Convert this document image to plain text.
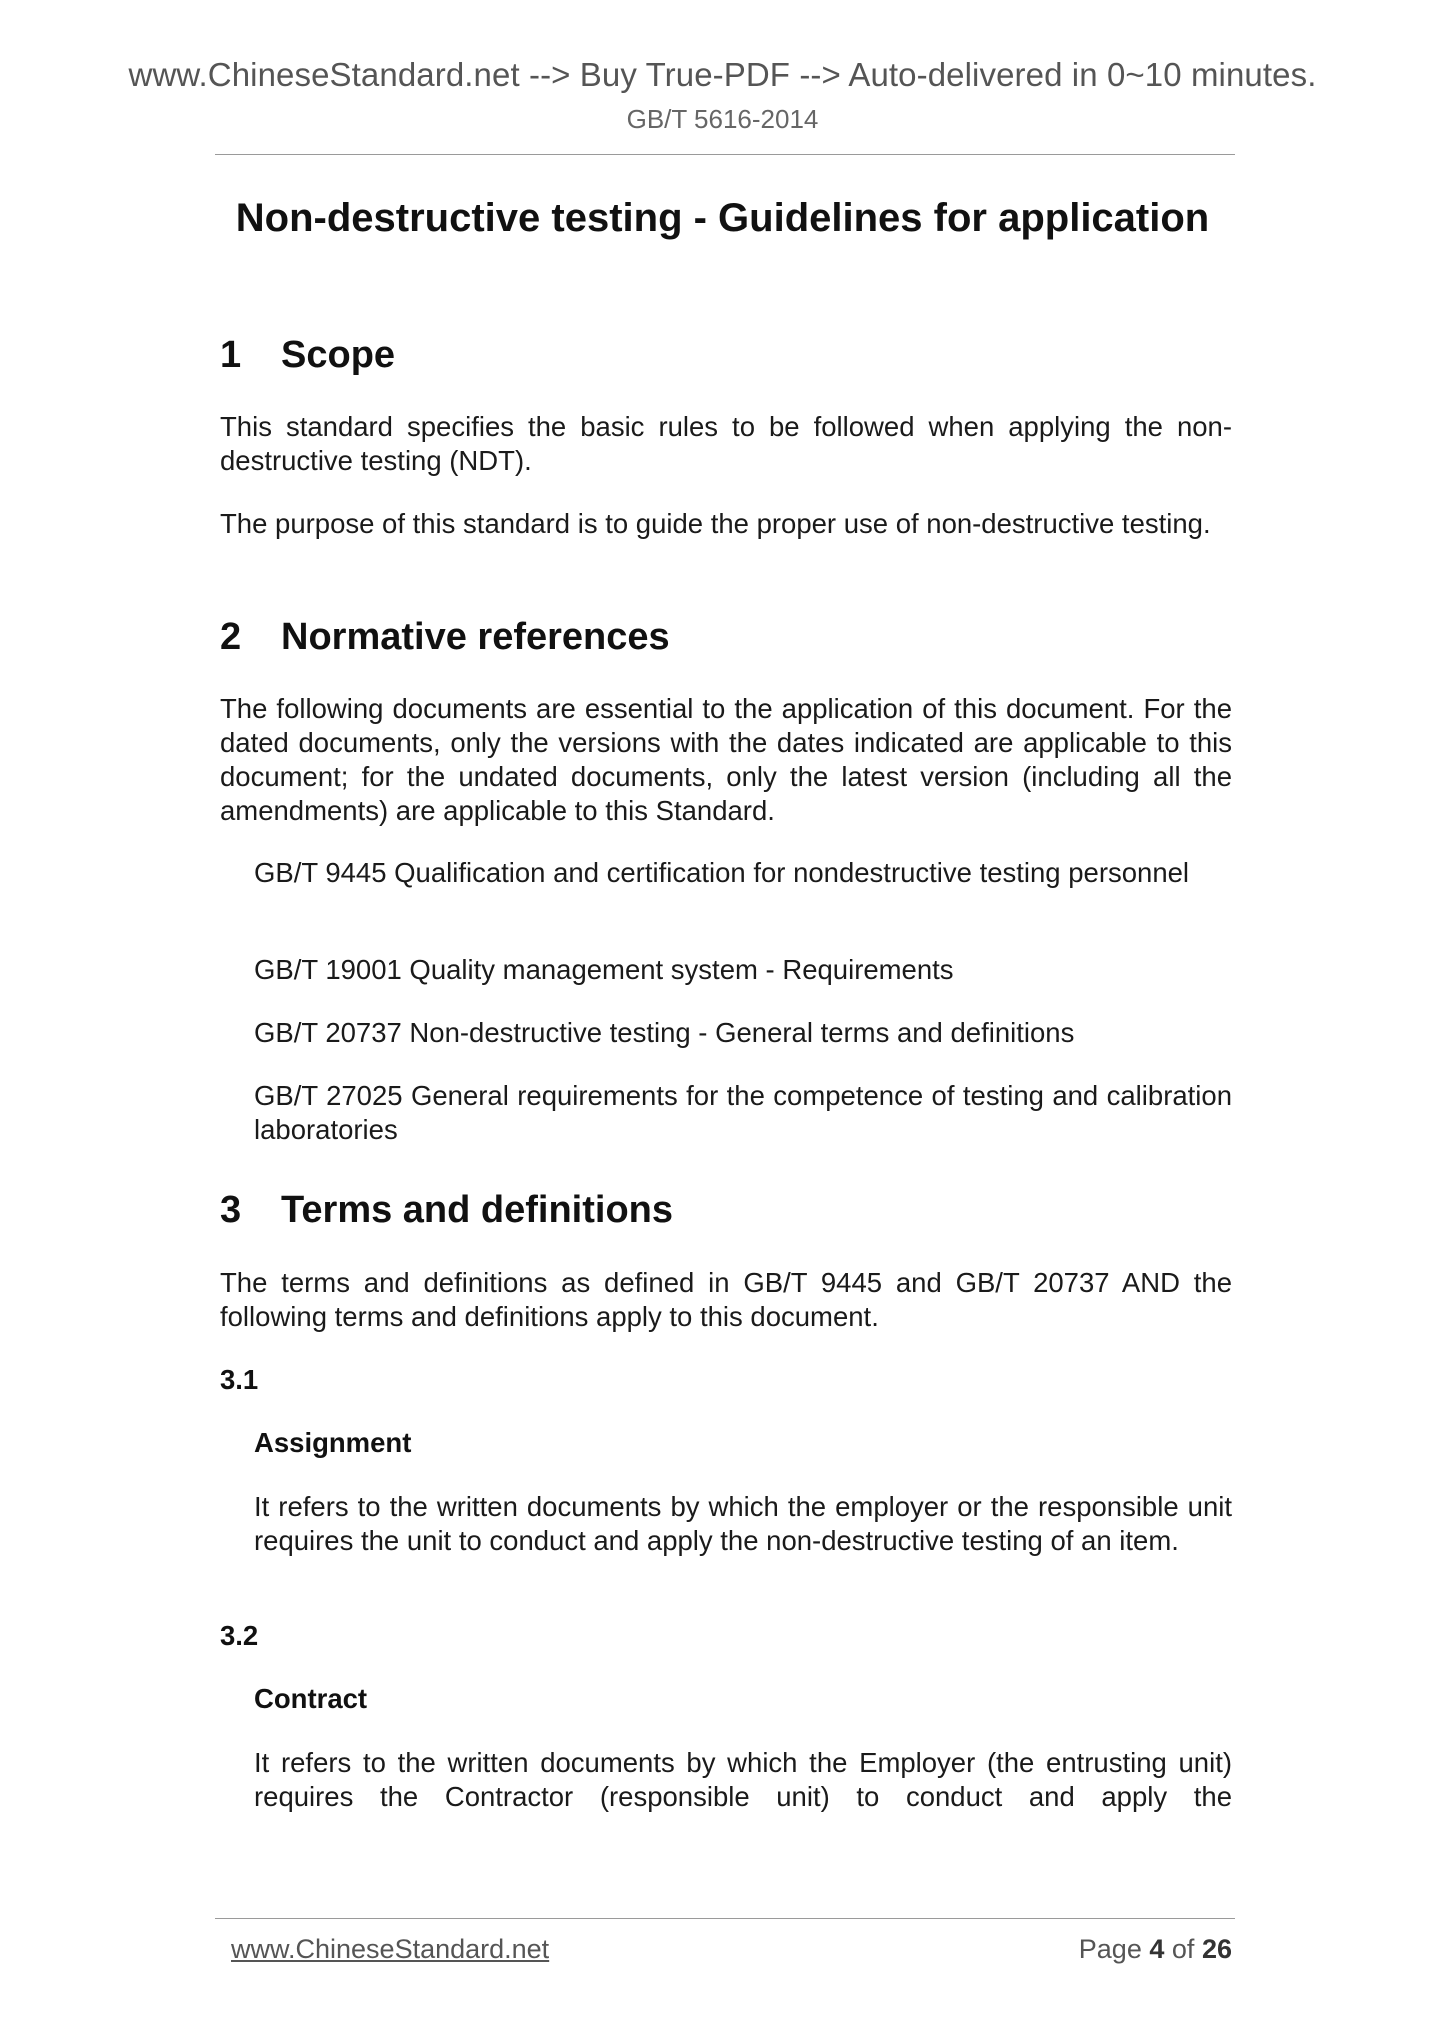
www.ChineseStandard.net --> Buy True-PDF --> Auto-delivered in 0~10 minutes.
GB/T 5616-2014
Non-destructive testing - Guidelines for application
1 Scope
This standard specifies the basic rules to be followed when applying the non-destructive testing (NDT).
The purpose of this standard is to guide the proper use of non-destructive testing.
2 Normative references
The following documents are essential to the application of this document. For the dated documents, only the versions with the dates indicated are applicable to this document; for the undated documents, only the latest version (including all the amendments) are applicable to this Standard.
GB/T 9445 Qualification and certification for nondestructive testing personnel
GB/T 19001 Quality management system - Requirements
GB/T 20737 Non-destructive testing - General terms and definitions
GB/T 27025 General requirements for the competence of testing and calibration laboratories
3 Terms and definitions
The terms and definitions as defined in GB/T 9445 and GB/T 20737 AND the following terms and definitions apply to this document.
3.1
Assignment
It refers to the written documents by which the employer or the responsible unit requires the unit to conduct and apply the non-destructive testing of an item.
3.2
Contract
It refers to the written documents by which the Employer (the entrusting unit) requires the Contractor (responsible unit) to conduct and apply the
www.ChineseStandard.net	Page 4 of 26
